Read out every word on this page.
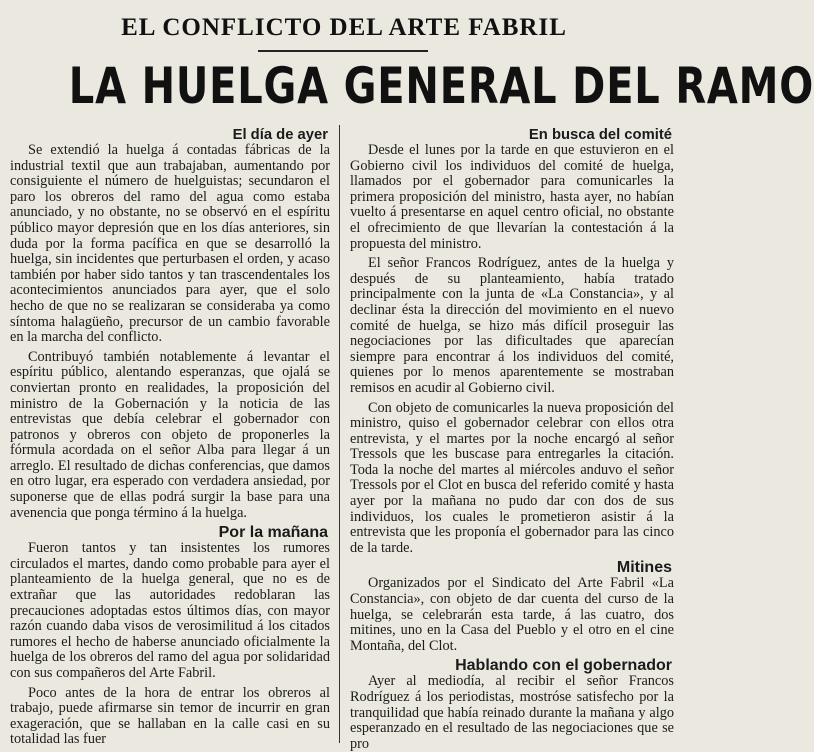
EL CONFLICTO DEL ARTE FABRIL
LA HUELGA GENERAL DEL RAMO
El día de ayer

Se extendió la huelga á contadas fábricas de la industrial textil que aun trabajaban, aumentando por consiguiente el número de huelguistas; secundaron el paro los obreros del ramo del agua como estaba anunciado, y no obstante, no se observó en el espíritu público mayor depresión que en los días anteriores, sin duda por la forma pacífica en que se desarrolló la huelga, sin incidentes que perturbasen el orden, y acaso también por haber sido tantos y tan trascendentales los acontecimientos anunciados para ayer, que el solo hecho de que no se realizaran se consideraba ya como síntoma halagüeño, precursor de un cambio favorable en la marcha del conflicto.

Contribuyó también notablemente á levantar el espíritu público, alentando esperanzas, que ojalá se conviertan pronto en realidades, la proposición del ministro de la Gobernación y la noticia de las entrevistas que debía celebrar el gobernador con patronos y obreros con objeto de proponerles la fórmula acordada on el señor Alba para llegar á un arreglo. El resultado de dichas conferencias, que damos en otro lugar, era esperado con verdadera ansiedad, por suponerse que de ellas podrá surgir la base para una avenencia que ponga término á la huelga.

Por la mañana

Fueron tantos y tan insistentes los rumores circulados el martes, dando como probable para ayer el planteamiento de la huelga general, que no es de extrañar que las autoridades redoblaran las precauciones adoptadas estos últimos días, con mayor razón cuando daba visos de verosimilitud á los citados rumores el hecho de haberse anunciado oficialmente la huelga de los obreros del ramo del agua por solidaridad con sus compañeros del Arte Fabril.

Poco antes de la hora de entrar los obreros al trabajo, puede afirmarse sin temor de incurrir en gran exageración, que se hallaban en la calle casi en su totalidad las fuer

En busca del comité

Desde el lunes por la tarde en que estuvieron en el Gobierno civil los individuos del comité de huelga, llamados por el gobernador para comunicarles la primera proposición del ministro, hasta ayer, no habían vuelto á presentarse en aquel centro oficial, no obstante el ofrecimiento de que llevarían la contestación á la propuesta del ministro.

El señor Francos Rodríguez, antes de la huelga y después de su planteamiento, había tratado principalmente con la junta de «La Constancia», y al declinar ésta la dirección del movimiento en el nuevo comité de huelga, se hizo más difícil proseguir las negociaciones por las dificultades que aparecían siempre para encontrar á los individuos del comité, quienes por lo menos aparentemente se mostraban remisos en acudir al Gobierno civil.

Con objeto de comunicarles la nueva proposición del ministro, quiso el gobernador celebrar con ellos otra entrevista, y el martes por la noche encargó al señor Tressols que les buscase para entregarles la citación. Toda la noche del martes al miércoles anduvo el señor Tressols por el Clot en busca del referido comité y hasta ayer por la mañana no pudo dar con dos de sus individuos, los cuales le prometieron asistir á la entrevista que les proponía el gobernador para las cinco de la tarde.

Mitines

Organizados por el Sindicato del Arte Fabril «La Constancia», con objeto de dar cuenta del curso de la huelga, se celebrarán esta tarde, á las cuatro, dos mitines, uno en la Casa del Pueblo y el otro en el cine Montaña, del Clot.

Hablando con el gobernador

Ayer al mediodía, al recibir el señor Francos Rodríguez á los periodistas, mostróse satisfecho por la tranquilidad que había reinado durante la mañana y algo esperanzado en el resultado de las negociaciones que se pro
